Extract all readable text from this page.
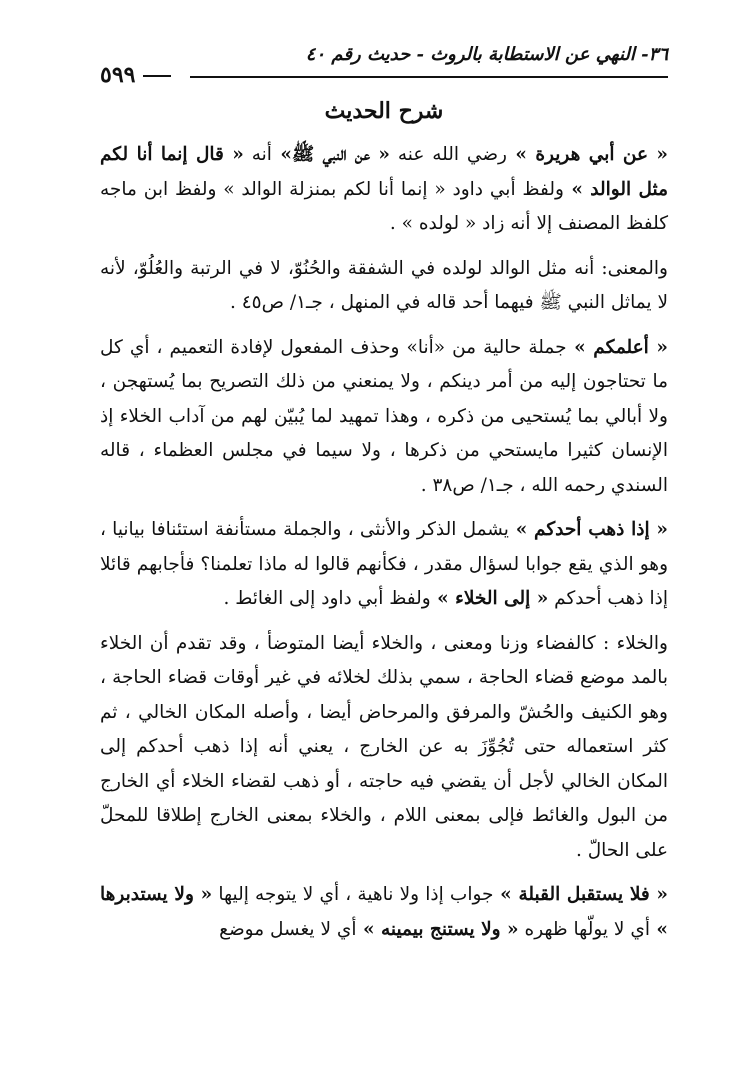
٣٦- النهي عن الاستطابة بالروث - حديث رقم ٤٠
٥٩٩
شرح الحديث

« عن أبي هريرة » رضي الله عنه « عن النبي ﷺ» أنه « قال إنما أنا لكم مثل الوالد » ولفظ أبي داود « إنما أنا لكم بمنزلة الوالد » ولفظ ابن ماجه كلفظ المصنف إلا أنه زاد « لولده » .

والمعنى: أنه مثل الوالد لولده في الشفقة والحُنُوّ، لا في الرتبة والعُلُوّ، لأنه لا يماثل النبي ﷺ فيهما أحد قاله في المنهل ، جـ١/ ص٤٥ .

« أعلمكم » جملة حالية من «أنا» وحذف المفعول لإفادة التعميم ، أي كل ما تحتاجون إليه من أمر دينكم ، ولا يمنعني من ذلك التصريح بما يُستهجن ، ولا أبالي بما يُستحيى من ذكره ، وهذا تمهيد لما يُبيّن لهم من آداب الخلاء إذ الإنسان كثيرا مايستحي من ذكرها ، ولا سيما في مجلس العظماء ، قاله السندي رحمه الله ، جـ١/ ص٣٨ .

« إذا ذهب أحدكم » يشمل الذكر والأنثى ، والجملة مستأنفة استئنافا بيانيا ، وهو الذي يقع جوابا لسؤال مقدر ، فكأنهم قالوا له ماذا تعلمنا؟ فأجابهم قائلا إذا ذهب أحدكم « إلى الخلاء » ولفظ أبي داود إلى الغائط .

والخلاء : كالفضاء وزنا ومعنى ، والخلاء أيضا المتوضأ ، وقد تقدم أن الخلاء بالمد موضع قضاء الحاجة ، سمي بذلك لخلائه في غير أوقات قضاء الحاجة ، وهو الكنيف والحُشّ والمرفق والمرحاض أيضا ، وأصله المكان الخالي ، ثم كثر استعماله حتى تُجُوِّزَ به عن الخارج ، يعني أنه إذا ذهب أحدكم إلى المكان الخالي لأجل أن يقضي فيه حاجته ، أو ذهب لقضاء الخلاء أي الخارج من البول والغائط فإلى بمعنى اللام ، والخلاء بمعنى الخارج إطلاقا للمحلّ على الحالّ .

« فلا يستقبل القبلة » جواب إذا ولا ناهية ، أي لا يتوجه إليها « ولا يستدبرها » أي لا يولّها ظهره « ولا يستنج بيمينه » أي لا يغسل موضع
